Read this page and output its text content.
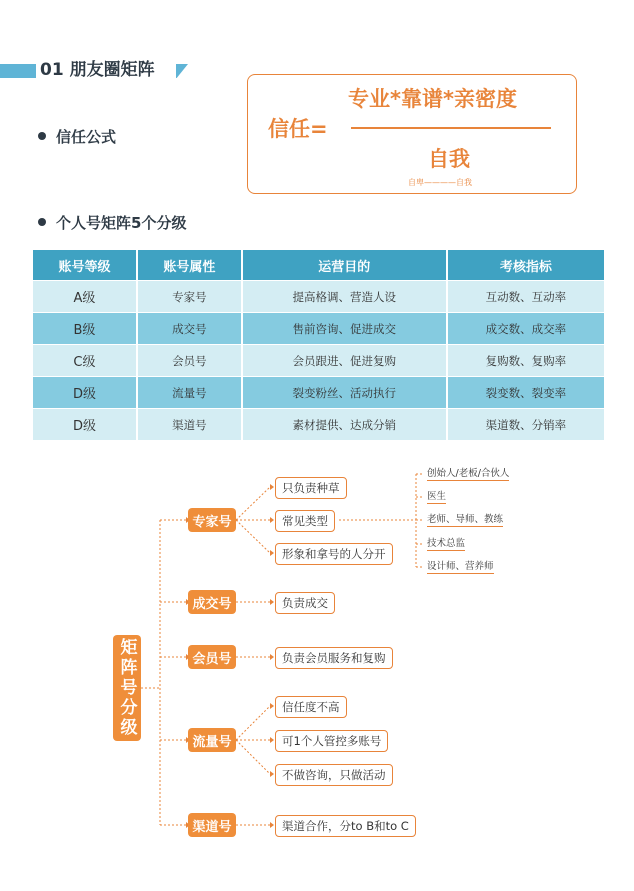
01 朋友圈矩阵
信任公式	信任=
专业*靠谱*亲密度
自我
自卑————自我
个人号矩阵5个分级
账号等级	账号属性	运营目的	考核指标
A级	专家号	提高格调、营造人设	互动数、互动率
B级	成交号	售前咨询、促进成交	成交数、成交率
C级	会员号	会员跟进、促进复购	复购数、复购率
D级	流量号	裂变粉丝、活动执行	裂变数、裂变率
D级	渠道号	素材提供、达成分销	渠道数、分销率
矩阵号分级
专家号
只负责种草
常见类型
形象和拿号的人分开
创始人/老板/合伙人
医生
老师、导师、教练
技术总监
设计师、营养师
成交号	负责成交
会员号	负责会员服务和复购
流量号
信任度不高
可1个人管控多账号
不做咨询，只做活动
渠道号	渠道合作，分to B和to C
